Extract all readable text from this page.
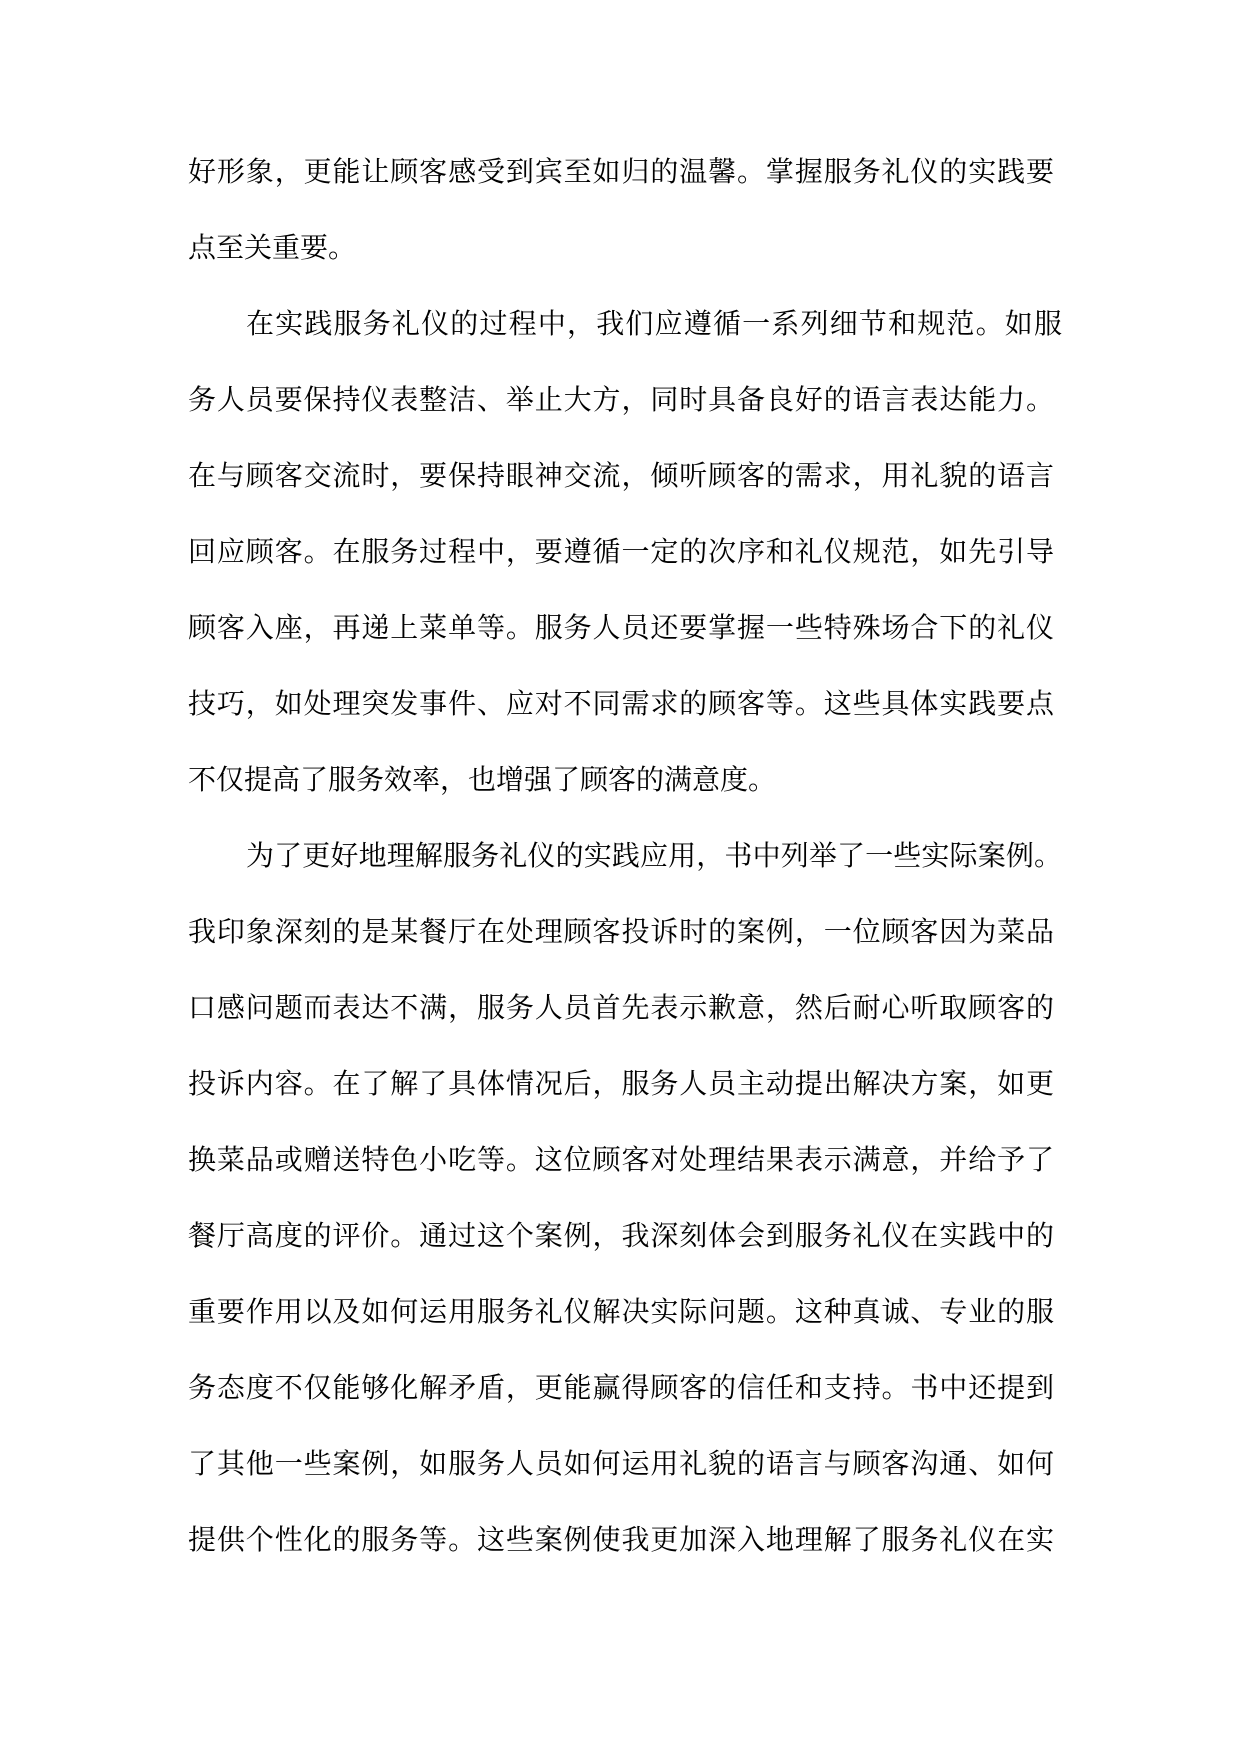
好形象，更能让顾客感受到宾至如归的温馨。掌握服务礼仪的实践要
点至关重要。
在实践服务礼仪的过程中，我们应遵循一系列细节和规范。如服
务人员要保持仪表整洁、举止大方，同时具备良好的语言表达能力。
在与顾客交流时，要保持眼神交流，倾听顾客的需求，用礼貌的语言
回应顾客。在服务过程中，要遵循一定的次序和礼仪规范，如先引导
顾客入座，再递上菜单等。服务人员还要掌握一些特殊场合下的礼仪
技巧，如处理突发事件、应对不同需求的顾客等。这些具体实践要点
不仅提高了服务效率，也增强了顾客的满意度。
为了更好地理解服务礼仪的实践应用，书中列举了一些实际案例。
我印象深刻的是某餐厅在处理顾客投诉时的案例，一位顾客因为菜品
口感问题而表达不满，服务人员首先表示歉意，然后耐心听取顾客的
投诉内容。在了解了具体情况后，服务人员主动提出解决方案，如更
换菜品或赠送特色小吃等。这位顾客对处理结果表示满意，并给予了
餐厅高度的评价。通过这个案例，我深刻体会到服务礼仪在实践中的
重要作用以及如何运用服务礼仪解决实际问题。这种真诚、专业的服
务态度不仅能够化解矛盾，更能赢得顾客的信任和支持。书中还提到
了其他一些案例，如服务人员如何运用礼貌的语言与顾客沟通、如何
提供个性化的服务等。这些案例使我更加深入地理解了服务礼仪在实
